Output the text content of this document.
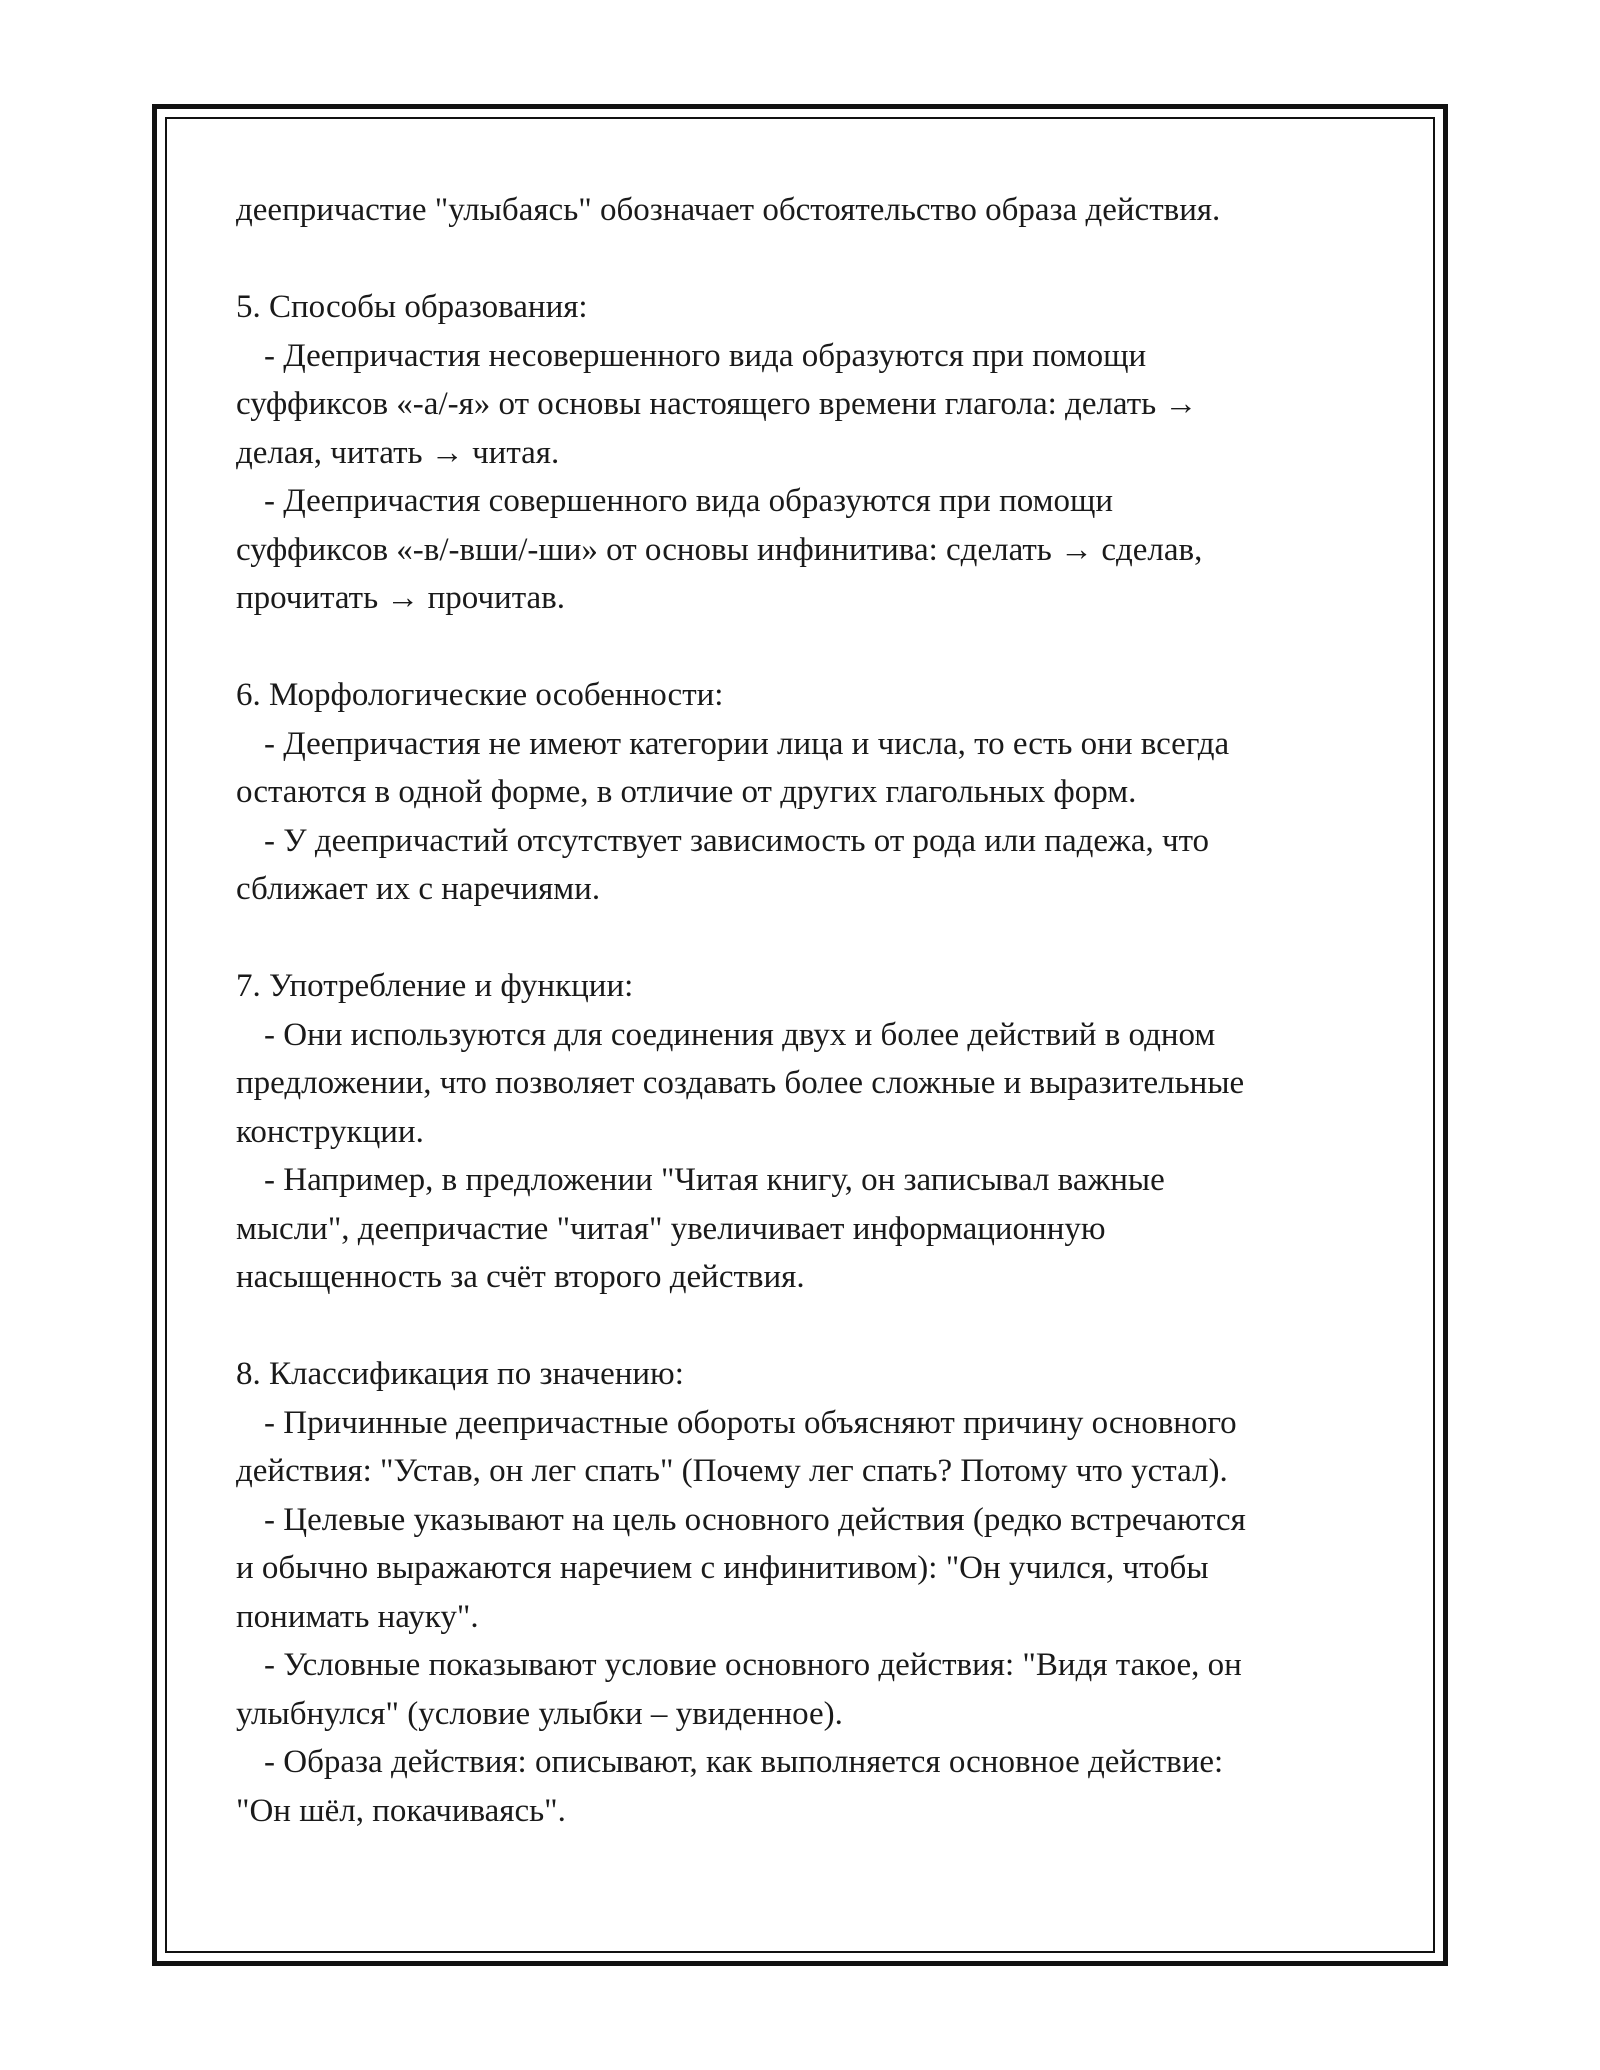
деепричастие "улыбаясь" обозначает обстоятельство образа действия.

5. Способы образования:

- Деепричастия несовершенного вида образуются при помощи

суффиксов «-а/-я» от основы настоящего времени глагола: делать →

делая, читать → читая.

- Деепричастия совершенного вида образуются при помощи

суффиксов «-в/-вши/-ши» от основы инфинитива: сделать → сделав,

прочитать → прочитав.

6. Морфологические особенности:

- Деепричастия не имеют категории лица и числа, то есть они всегда

остаются в одной форме, в отличие от других глагольных форм.

- У деепричастий отсутствует зависимость от рода или падежа, что

сближает их с наречиями.

7. Употребление и функции:

- Они используются для соединения двух и более действий в одном

предложении, что позволяет создавать более сложные и выразительные

конструкции.

- Например, в предложении "Читая книгу, он записывал важные

мысли", деепричастие "читая" увеличивает информационную

насыщенность за счёт второго действия.

8. Классификация по значению:

- Причинные деепричастные обороты объясняют причину основного

действия: "Устав, он лег спать" (Почему лег спать? Потому что устал).

- Целевые указывают на цель основного действия (редко встречаются

и обычно выражаются наречием с инфинитивом): "Он учился, чтобы

понимать науку".

- Условные показывают условие основного действия: "Видя такое, он

улыбнулся" (условие улыбки – увиденное).

- Образа действия: описывают, как выполняется основное действие:

"Он шёл, покачиваясь".
